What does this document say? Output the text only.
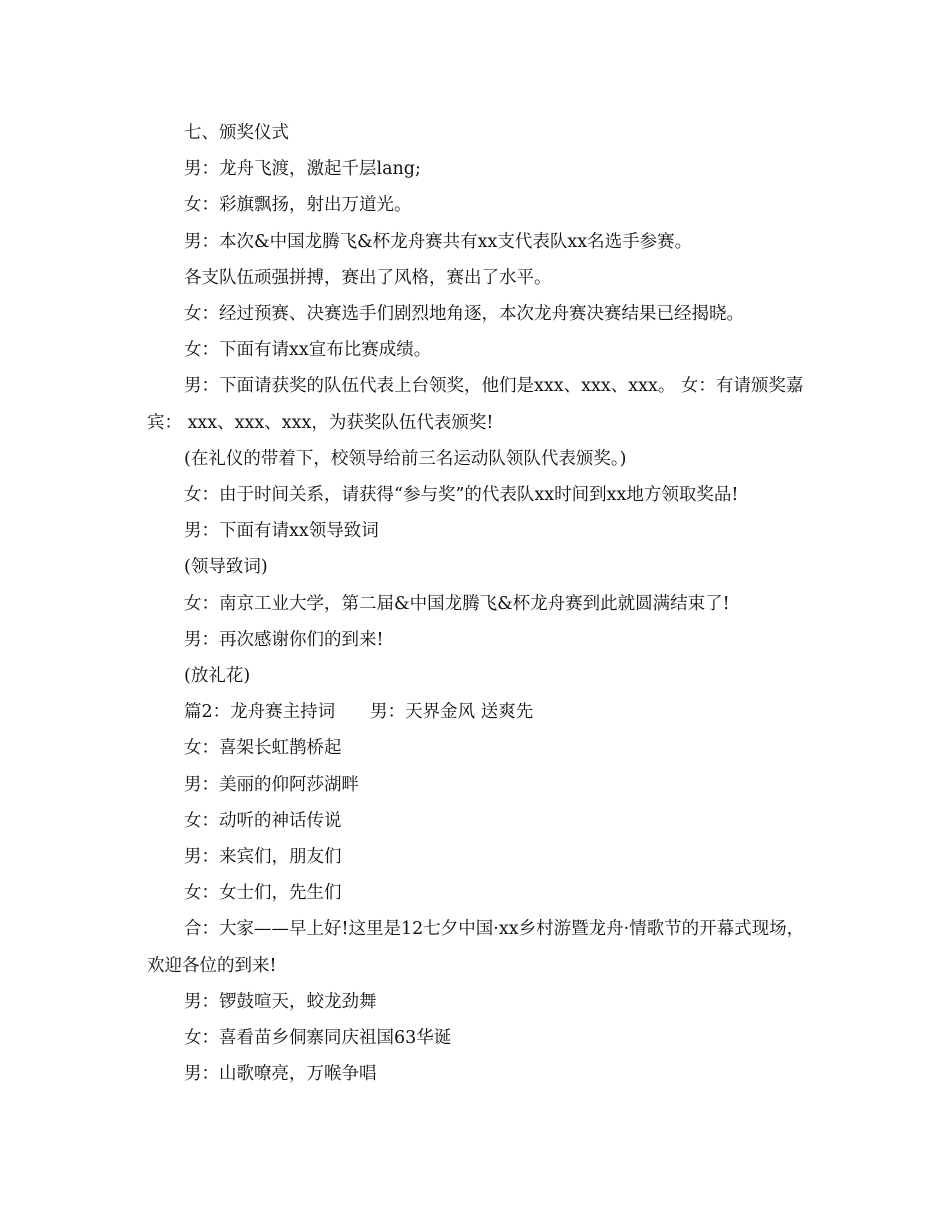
七、颁奖仪式

男：龙舟飞渡，激起千层lang;

女：彩旗飘扬，射出万道光。

男：本次&中国龙腾飞&杯龙舟赛共有xx支代表队xx名选手参赛。

各支队伍顽强拼搏，赛出了风格，赛出了水平。

女：经过预赛、决赛选手们剧烈地角逐，本次龙舟赛决赛结果已经揭晓。

女：下面有请xx宣布比赛成绩。

男：下面请获奖的队伍代表上台领奖，他们是xxx、xxx、xxx。 女：有请颁奖嘉宾： xxx、xxx、xxx，为获奖队伍代表颁奖!

(在礼仪的带着下，校领导给前三名运动队领队代表颁奖。)

女：由于时间关系，请获得“参与奖”的代表队xx时间到xx地方领取奖品!

男：下面有请xx领导致词

(领导致词)

女：南京工业大学，第二届&中国龙腾飞&杯龙舟赛到此就圆满结束了!

男：再次感谢你们的到来!

(放礼花)

篇2：龙舟赛主持词　　男：天界金风 送爽先

女：喜架长虹鹊桥起

男：美丽的仰阿莎湖畔

女：动听的神话传说

男：来宾们，朋友们

女：女士们，先生们

合：大家——早上好!这里是12七夕中国·xx乡村游暨龙舟·情歌节的开幕式现场，欢迎各位的到来!

男：锣鼓喧天，蛟龙劲舞

女：喜看苗乡侗寨同庆祖国63华诞

男：山歌嘹亮，万喉争唱
